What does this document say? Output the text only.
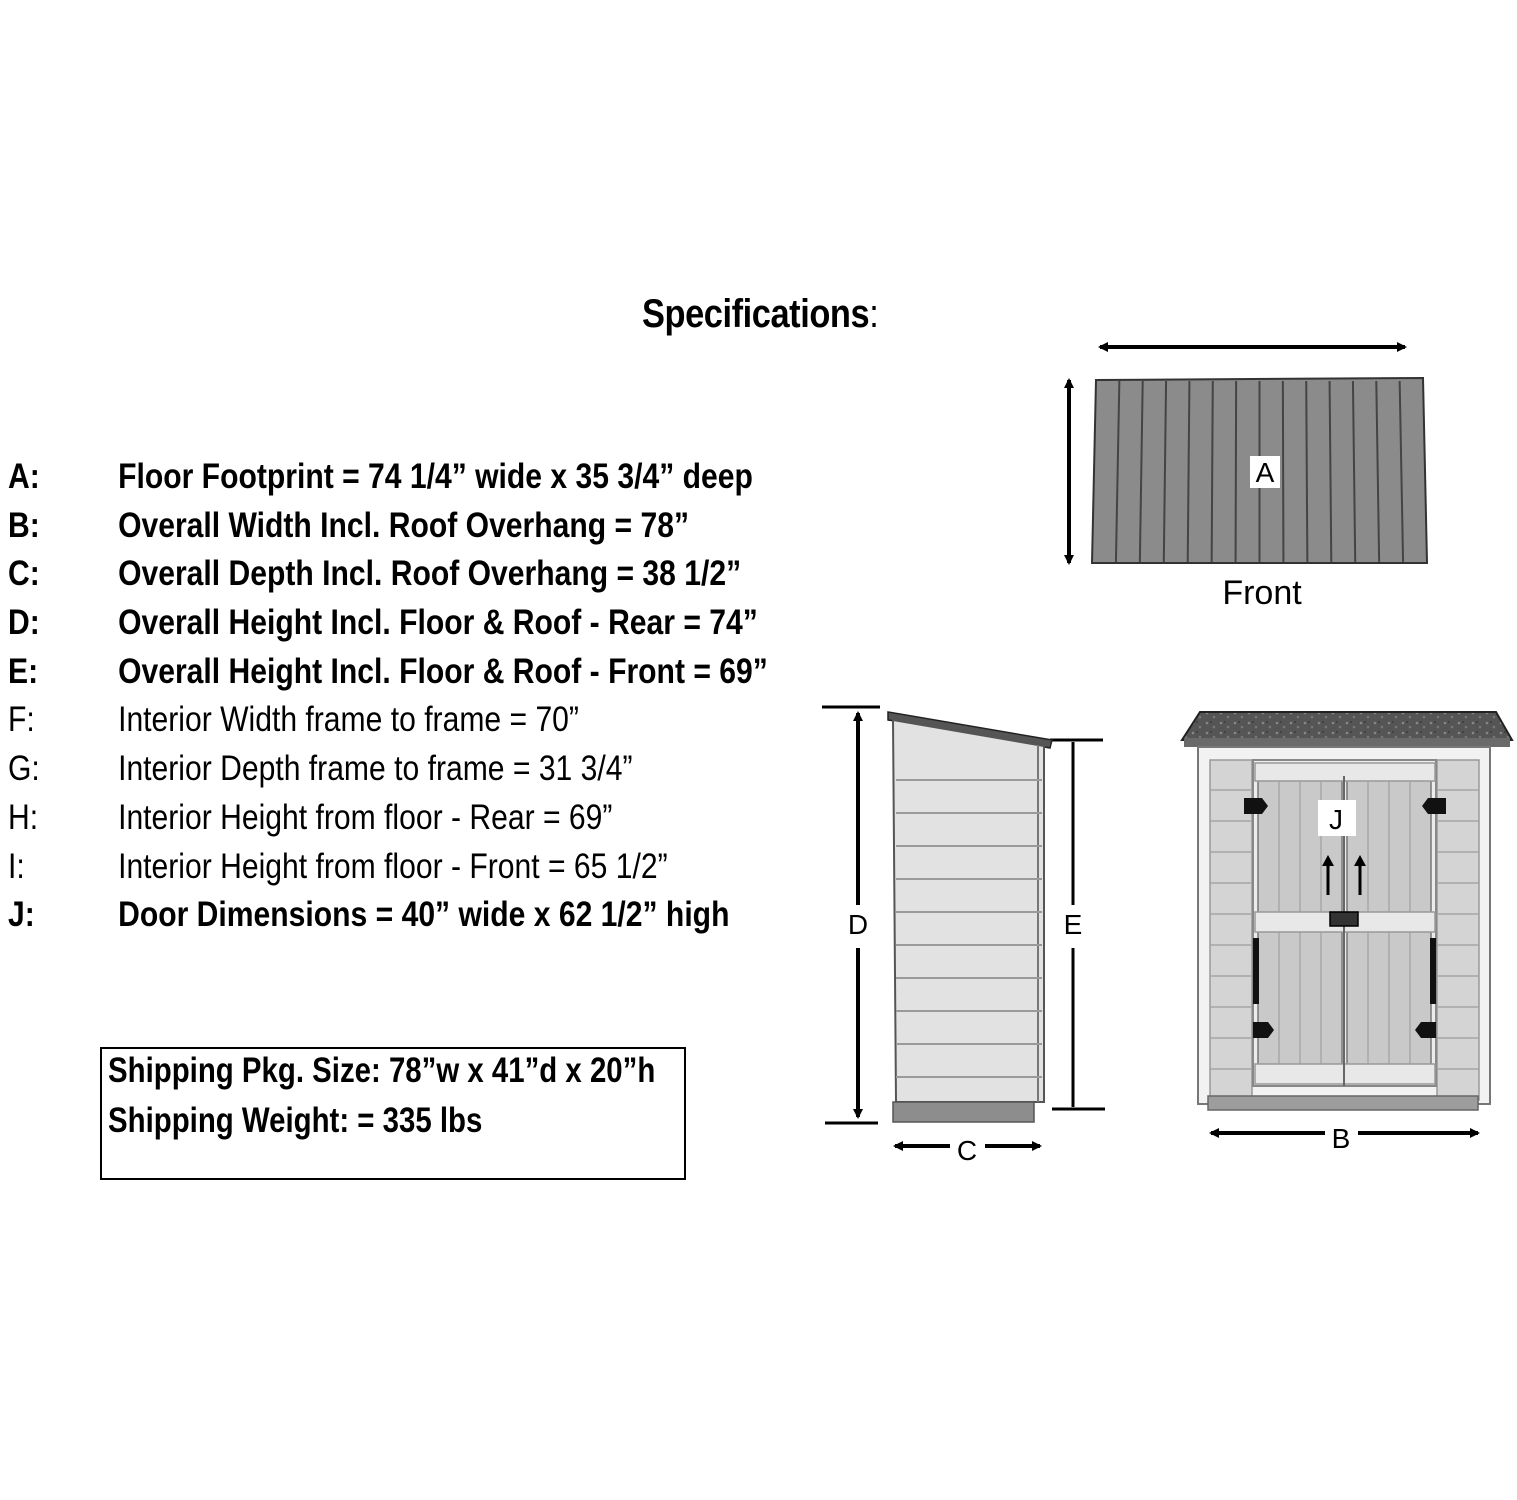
Specifications:
A: Floor Footprint = 74 1/4” wide x 35 3/4” deep
B: Overall Width Incl. Roof Overhang = 78”
C: Overall Depth Incl. Roof Overhang = 38 1/2”
D: Overall Height Incl. Floor & Roof - Rear = 74”
E: Overall Height Incl. Floor & Roof - Front = 69”
F: Interior Width frame to frame = 70”
G: Interior Depth frame to frame = 31 3/4”
H: Interior Height from floor - Rear = 69”
I:	Interior Height from floor - Front = 65 1/2”
J: Door Dimensions = 40” wide x 62 1/2” high
Shipping Pkg. Size: 78”w x 41”d x 20”h
Shipping Weight: = 335 lbs
A
Front
D	E
C
J
B
